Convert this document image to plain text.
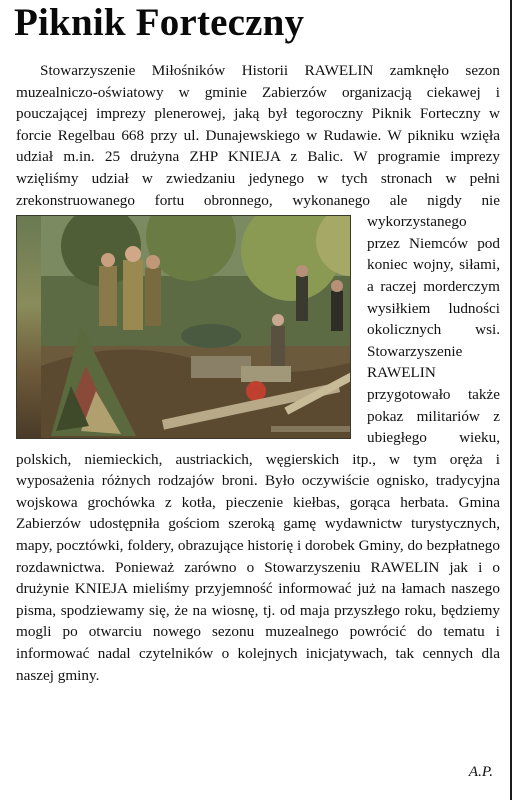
Piknik Forteczny

Stowarzyszenie Miłośników Historii RAWELIN zamknęło sezon muzealniczo-oświatowy w gminie Zabierzów organizacją ciekawej i pouczającej imprezy plenerowej, jaką był tegoroczny Piknik Forteczny w forcie Regelbau 668 przy ul. Dunajewskiego w Rudawie. W pikniku wzięła udział m.in. 25 drużyna ZHP KNIEJA z Balic. W programie imprezy wzięliśmy udział w zwiedzaniu jedynego w tych stronach w pełni zrekonstruowanego fortu obronnego, wykonanego ale nigdy nie wykorzystanego przez Niemców pod koniec wojny, siłami, a raczej morderczym wysiłkiem ludności okolicznych wsi. Stowarzyszenie RAWELIN przygotowało także pokaz militariów z ubiegłego wieku, polskich, niemieckich, austriackich, węgierskich itp., w tym oręża i wyposażenia różnych rodzajów broni. Było oczywiście ognisko, tradycyjna wojskowa grochówka z kotła, pieczenie kiełbas, gorąca herbata. Gmina Zabierzów udostępniła gościom szeroką gamę wydawnictw turystycznych, mapy, pocztówki, foldery, obrazujące historię i dorobek Gminy, do bezpłatnego rozdawnictwa. Ponieważ zarówno o Stowarzyszeniu RAWELIN jak i o drużynie KNIEJA mieliśmy przyjemność informować już na łamach naszego pisma, spodziewamy się, że na wiosnę, tj. od maja przyszłego roku, będziemy mogli po otwarciu nowego sezonu muzealnego powrócić do tematu i informować nadal czytelników o kolejnych inicjatywach, tak cennych dla naszej gminy.

A.P.
